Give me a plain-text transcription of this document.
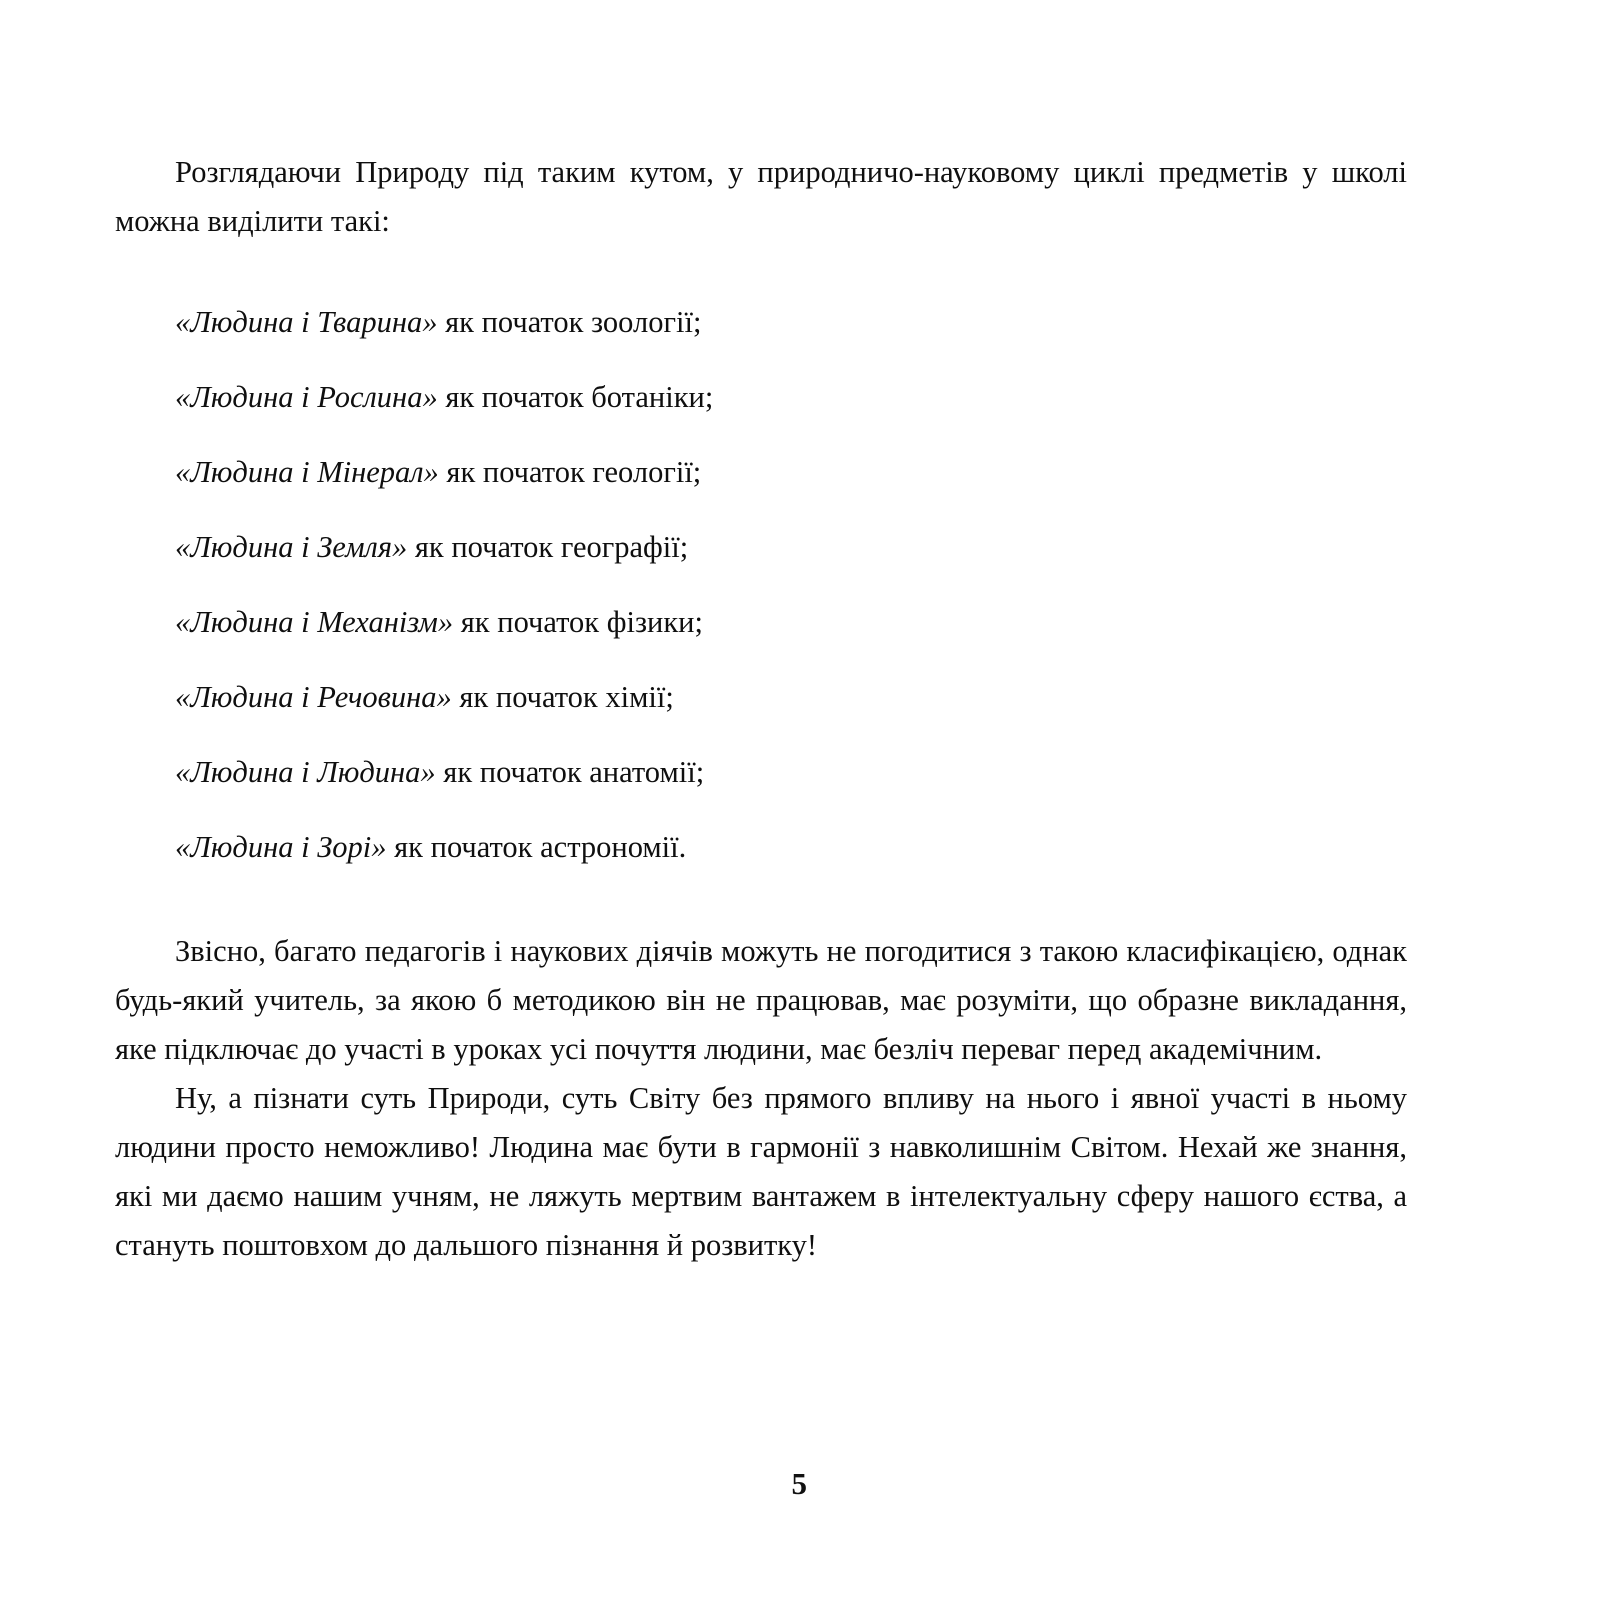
Розглядаючи Природу під таким кутом, у природничо-науковому циклі предметів у школі можна виділити такі:

«Людина і Тварина» як початок зоології;
«Людина і Рослина» як початок ботаніки;
«Людина і Мінерал» як початок геології;
«Людина і Земля» як початок географії;
«Людина і Механізм» як початок фізики;
«Людина і Речовина» як початок хімії;
«Людина і Людина» як початок анатомії;
«Людина і Зорі» як початок астрономії.

Звісно, багато педагогів і наукових діячів можуть не погодитися з такою класифікацією, однак будь-який учитель, за якою б методикою він не працював, має розуміти, що образне викладання, яке підключає до участі в уроках усі почуття людини, має безліч переваг перед академічним.

Ну, а пізнати суть Природи, суть Світу без прямого впливу на нього і явної участі в ньому людини просто неможливо! Людина має бути в гармонії з навколишнім Світом. Нехай же знання, які ми даємо нашим учням, не ляжуть мертвим вантажем в інтелектуальну сферу нашого єства, а стануть поштовхом до дальшого пізнання й розвитку!

5
